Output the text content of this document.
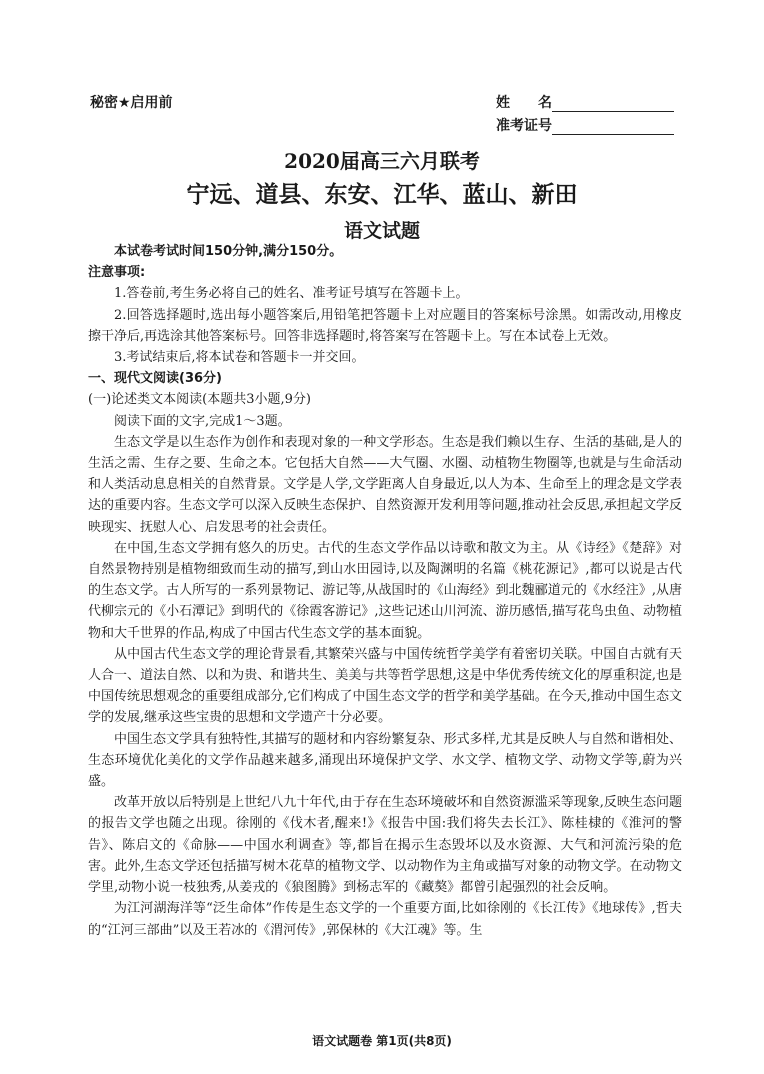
秘密★启用前	姓　　名
准考证号
2020届高三六月联考
宁远、道县、东安、江华、蓝山、新田
语文试题

本试卷考试时间150分钟,满分150分。

注意事项:

1.答卷前,考生务必将自己的姓名、准考证号填写在答题卡上。

2.回答选择题时,选出每小题答案后,用铅笔把答题卡上对应题目的答案标号涂黑。如需改动,用橡皮擦干净后,再选涂其他答案标号。回答非选择题时,将答案写在答题卡上。写在本试卷上无效。

3.考试结束后,将本试卷和答题卡一并交回。

一、现代文阅读(36分)

(一)论述类文本阅读(本题共3小题,9分)

阅读下面的文字,完成1～3题。

生态文学是以生态作为创作和表现对象的一种文学形态。生态是我们赖以生存、生活的基础,是人的生活之需、生存之要、生命之本。它包括大自然——大气圈、水圈、动植物生物圈等,也就是与生命活动和人类活动息息相关的自然背景。文学是人学,文学距离人自身最近,以人为本、生命至上的理念是文学表达的重要内容。生态文学可以深入反映生态保护、自然资源开发利用等问题,推动社会反思,承担起文学反映现实、抚慰人心、启发思考的社会责任。

在中国,生态文学拥有悠久的历史。古代的生态文学作品以诗歌和散文为主。从《诗经》《楚辞》对自然景物持别是植物细致而生动的描写,到山水田园诗,以及陶渊明的名篇《桃花源记》,都可以说是古代的生态文学。古人所写的一系列景物记、游记等,从战国时的《山海经》到北魏郦道元的《水经注》,从唐代柳宗元的《小石潭记》到明代的《徐霞客游记》,这些记述山川河流、游历感悟,描写花鸟虫鱼、动物植物和大千世界的作品,构成了中国古代生态文学的基本面貌。

从中国古代生态文学的理论背景看,其繁荣兴盛与中国传统哲学美学有着密切关联。中国自古就有天人合一、道法自然、以和为贵、和谐共生、美美与共等哲学思想,这是中华优秀传统文化的厚重积淀,也是中国传统思想观念的重要组成部分,它们构成了中国生态文学的哲学和美学基础。在今天,推动中国生态文学的发展,继承这些宝贵的思想和文学遗产十分必要。

中国生态文学具有独特性,其描写的题材和内容纷繁复杂、形式多样,尤其是反映人与自然和谐相处、生态环境优化美化的文学作品越来越多,涌现出环境保护文学、水文学、植物文学、动物文学等,蔚为兴盛。

改革开放以后特别是上世纪八九十年代,由于存在生态环境破坏和自然资源滥采等现象,反映生态问题的报告文学也随之出现。徐刚的《伐木者,醒来!》《报告中国:我们将失去长江》、陈桂棣的《淮河的警告》、陈启文的《命脉——中国水利调查》等,都旨在揭示生态毁坏以及水资源、大气和河流污染的危害。此外,生态文学还包括描写树木花草的植物文学、以动物作为主角或描写对象的动物文学。在动物文学里,动物小说一枝独秀,从姜戎的《狼图腾》到杨志军的《藏獒》都曾引起强烈的社会反响。

为江河湖海洋等“泛生命体”作传是生态文学的一个重要方面,比如徐刚的《长江传》《地球传》,哲夫的“江河三部曲”以及王若冰的《渭河传》,郭保林的《大江魂》等。生

语文试题卷 第1页(共8页)
